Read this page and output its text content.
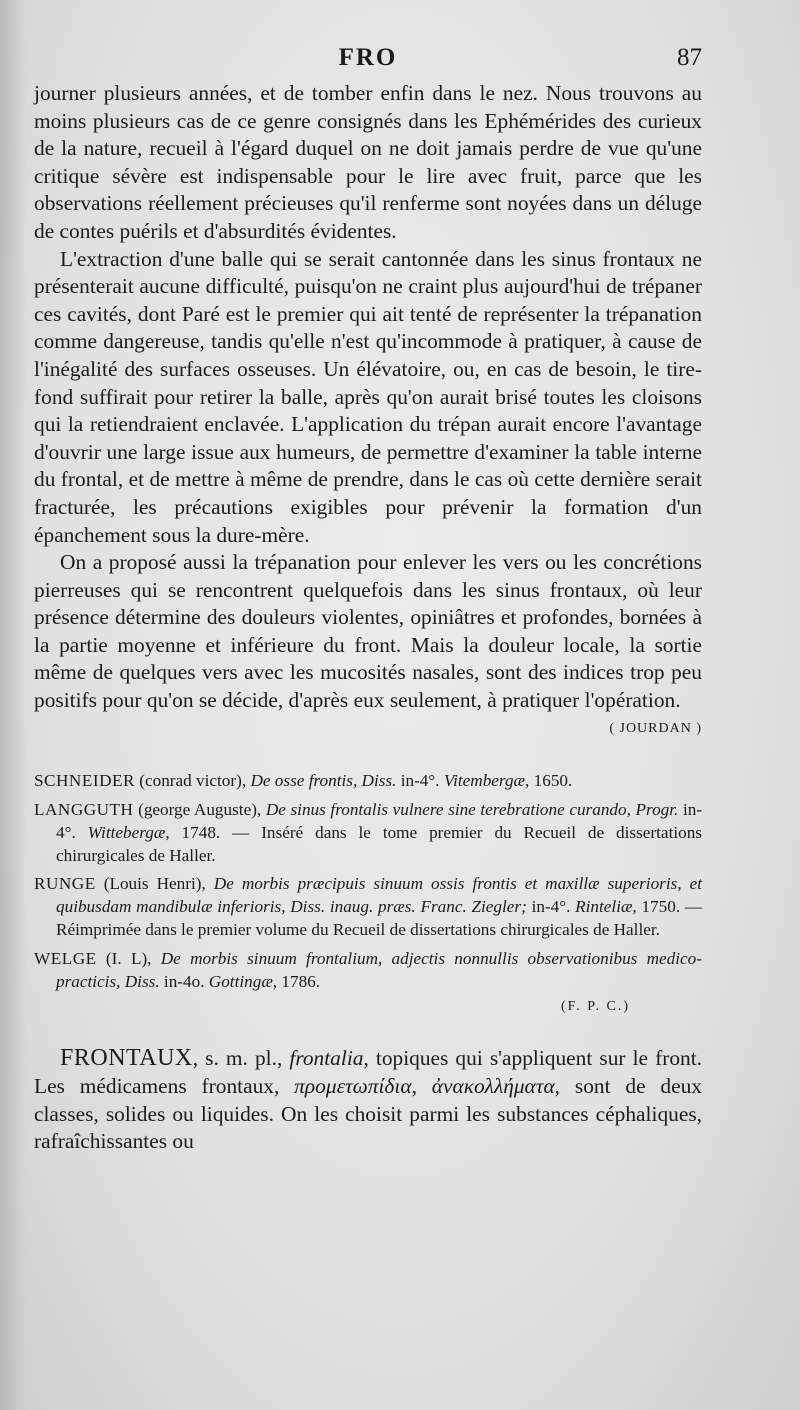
FRO	87

journer plusieurs années, et de tomber enfin dans le nez. Nous trouvons au moins plusieurs cas de ce genre consignés dans les Ephémérides des curieux de la nature, recueil à l'égard duquel on ne doit jamais perdre de vue qu'une critique sévère est indispensable pour le lire avec fruit, parce que les observations réellement précieuses qu'il renferme sont noyées dans un déluge de contes puérils et d'absurdités évidentes.

L'extraction d'une balle qui se serait cantonnée dans les sinus frontaux ne présenterait aucune difficulté, puisqu'on ne craint plus aujourd'hui de trépaner ces cavités, dont Paré est le premier qui ait tenté de représenter la trépanation comme dangereuse, tandis qu'elle n'est qu'incommode à pratiquer, à cause de l'inégalité des surfaces osseuses. Un élévatoire, ou, en cas de besoin, le tire-fond suffirait pour retirer la balle, après qu'on aurait brisé toutes les cloisons qui la retiendraient enclavée. L'application du trépan aurait encore l'avantage d'ouvrir une large issue aux humeurs, de permettre d'examiner la table interne du frontal, et de mettre à même de prendre, dans le cas où cette dernière serait fracturée, les précautions exigibles pour prévenir la formation d'un épanchement sous la dure-mère.

On a proposé aussi la trépanation pour enlever les vers ou les concrétions pierreuses qui se rencontrent quelquefois dans les sinus frontaux, où leur présence détermine des douleurs violentes, opiniâtres et profondes, bornées à la partie moyenne et inférieure du front. Mais la douleur locale, la sortie même de quelques vers avec les mucosités nasales, sont des indices trop peu positifs pour qu'on se décide, d'après eux seulement, à pratiquer l'opération.

( JOURDAN )

SCHNEIDER (conrad victor), De osse frontis, Diss. in-4°. Vitembergæ, 1650.

LANGGUTH (george Auguste), De sinus frontalis vulnere sine terebratione curando, Progr. in-4°. Wittebergæ, 1748. — Inséré dans le tome premier du Recueil de dissertations chirurgicales de Haller.

RUNGE (Louis Henri), De morbis præcipuis sinuum ossis frontis et maxillæ superioris, et quibusdam mandibulæ inferioris, Diss. inaug. præs. Franc. Ziegler; in-4°. Rinteliæ, 1750. — Réimprimée dans le premier volume du Recueil de dissertations chirurgicales de Haller.

WELGE (I. L), De morbis sinuum frontalium, adjectis nonnullis observationibus medico-practicis, Diss. in-4o. Gottingæ, 1786.

(F. P. C.)

FRONTAUX, s. m. pl., frontalia, topiques qui s'appliquent sur le front. Les médicamens frontaux, προμετωπίδια, ἀνακολλήματα, sont de deux classes, solides ou liquides. On les choisit parmi les substances céphaliques, rafraîchissantes ou
